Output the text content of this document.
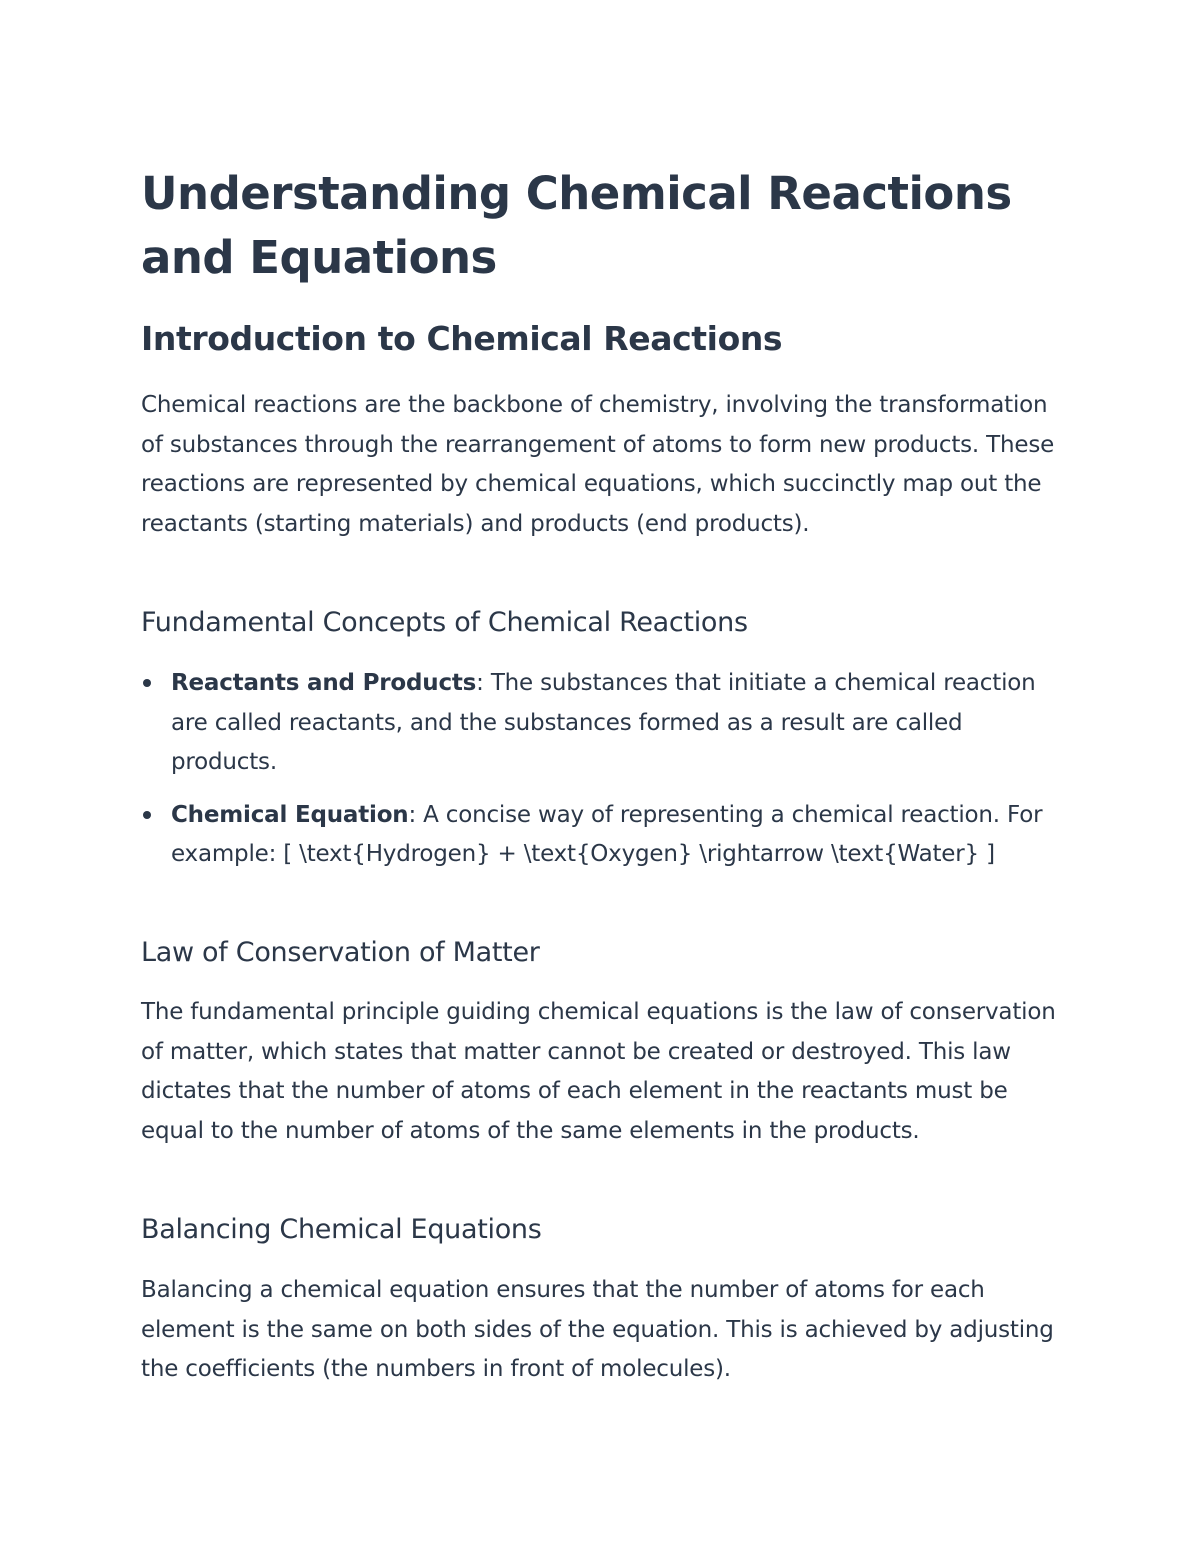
Understanding Chemical Reactions and Equations
Introduction to Chemical Reactions

Chemical reactions are the backbone of chemistry, involving the transformation of substances through the rearrangement of atoms to form new products. These reactions are represented by chemical equations, which succinctly map out the reactants (starting materials) and products (end products).

Fundamental Concepts of Chemical Reactions
Reactants and Products: The substances that initiate a chemical reaction are called reactants, and the substances formed as a result are called products.
Chemical Equation: A concise way of representing a chemical reaction. For example: [ \text{Hydrogen} + \text{Oxygen} \rightarrow \text{Water} ]
Law of Conservation of Matter

The fundamental principle guiding chemical equations is the law of conservation of matter, which states that matter cannot be created or destroyed. This law dictates that the number of atoms of each element in the reactants must be equal to the number of atoms of the same elements in the products.

Balancing Chemical Equations

Balancing a chemical equation ensures that the number of atoms for each element is the same on both sides of the equation. This is achieved by adjusting the coefficients (the numbers in front of molecules).
